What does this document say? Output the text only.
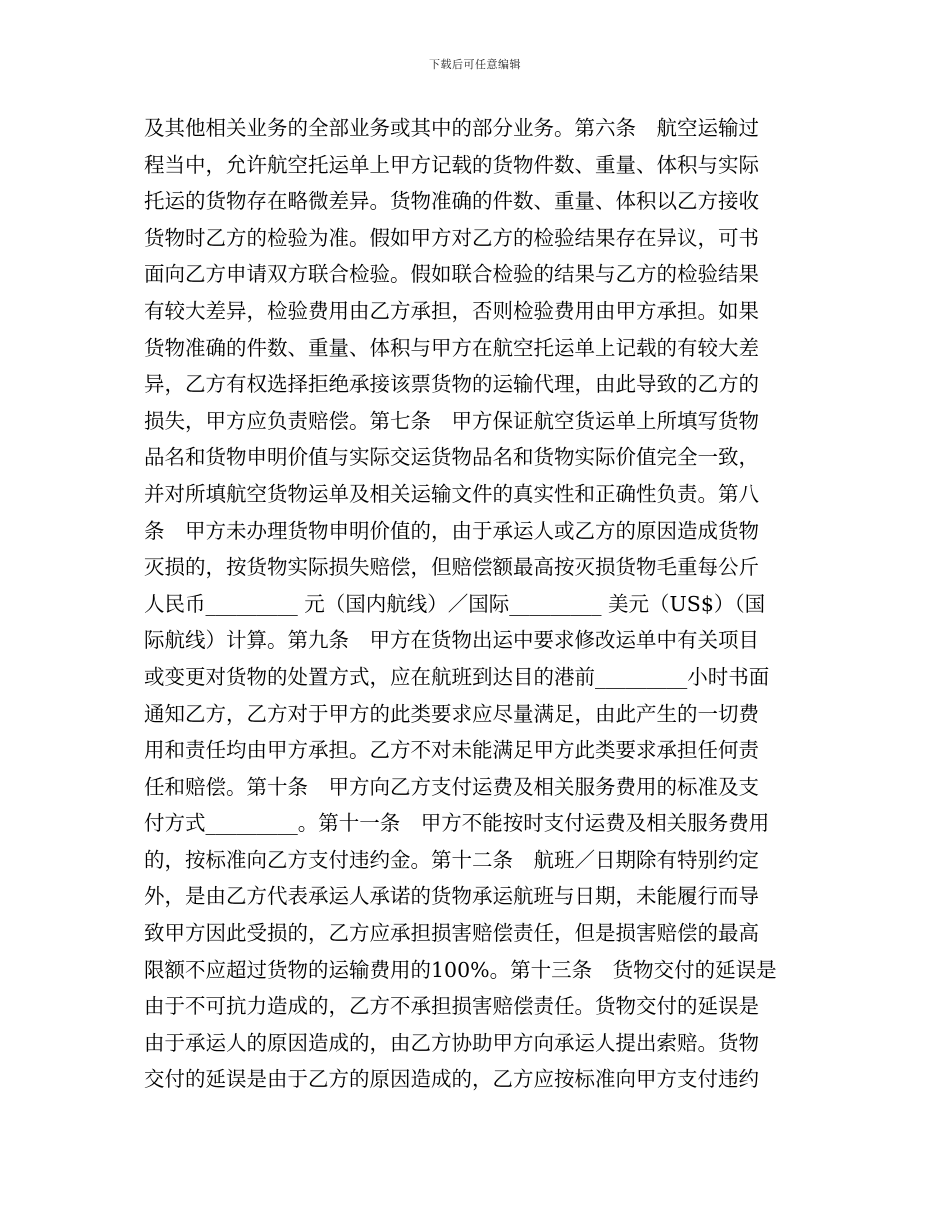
下载后可任意编辑
及其他相关业务的全部业务或其中的部分业务。第六条　航空运输过
程当中，允许航空托运单上甲方记载的货物件数、重量、体积与实际
托运的货物存在略微差异。货物准确的件数、重量、体积以乙方接收
货物时乙方的检验为准。假如甲方对乙方的检验结果存在异议，可书
面向乙方申请双方联合检验。假如联合检验的结果与乙方的检验结果
有较大差异，检验费用由乙方承担，否则检验费用由甲方承担。如果
货物准确的件数、重量、体积与甲方在航空托运单上记载的有较大差
异，乙方有权选择拒绝承接该票货物的运输代理，由此导致的乙方的
损失，甲方应负责赔偿。第七条　甲方保证航空货运单上所填写货物
品名和货物申明价值与实际交运货物品名和货物实际价值完全一致，
并对所填航空货物运单及相关运输文件的真实性和正确性负责。第八
条　甲方未办理货物申明价值的，由于承运人或乙方的原因造成货物
灭损的，按货物实际损失赔偿，但赔偿额最高按灭损货物毛重每公斤
人民币_________ 元（国内航线）／国际_________ 美元（US$）（国
际航线）计算。第九条　甲方在货物出运中要求修改运单中有关项目
或变更对货物的处置方式，应在航班到达目的港前_________小时书面
通知乙方，乙方对于甲方的此类要求应尽量满足，由此产生的一切费
用和责任均由甲方承担。乙方不对未能满足甲方此类要求承担任何责
任和赔偿。第十条　甲方向乙方支付运费及相关服务费用的标准及支
付方式_________。第十一条　甲方不能按时支付运费及相关服务费用
的，按标准向乙方支付违约金。第十二条　航班／日期除有特别约定
外，是由乙方代表承运人承诺的货物承运航班与日期，未能履行而导
致甲方因此受损的，乙方应承担损害赔偿责任，但是损害赔偿的最高
限额不应超过货物的运输费用的100%。第十三条　货物交付的延误是
由于不可抗力造成的，乙方不承担损害赔偿责任。货物交付的延误是
由于承运人的原因造成的，由乙方协助甲方向承运人提出索赔。货物
交付的延误是由于乙方的原因造成的，乙方应按标准向甲方支付违约
